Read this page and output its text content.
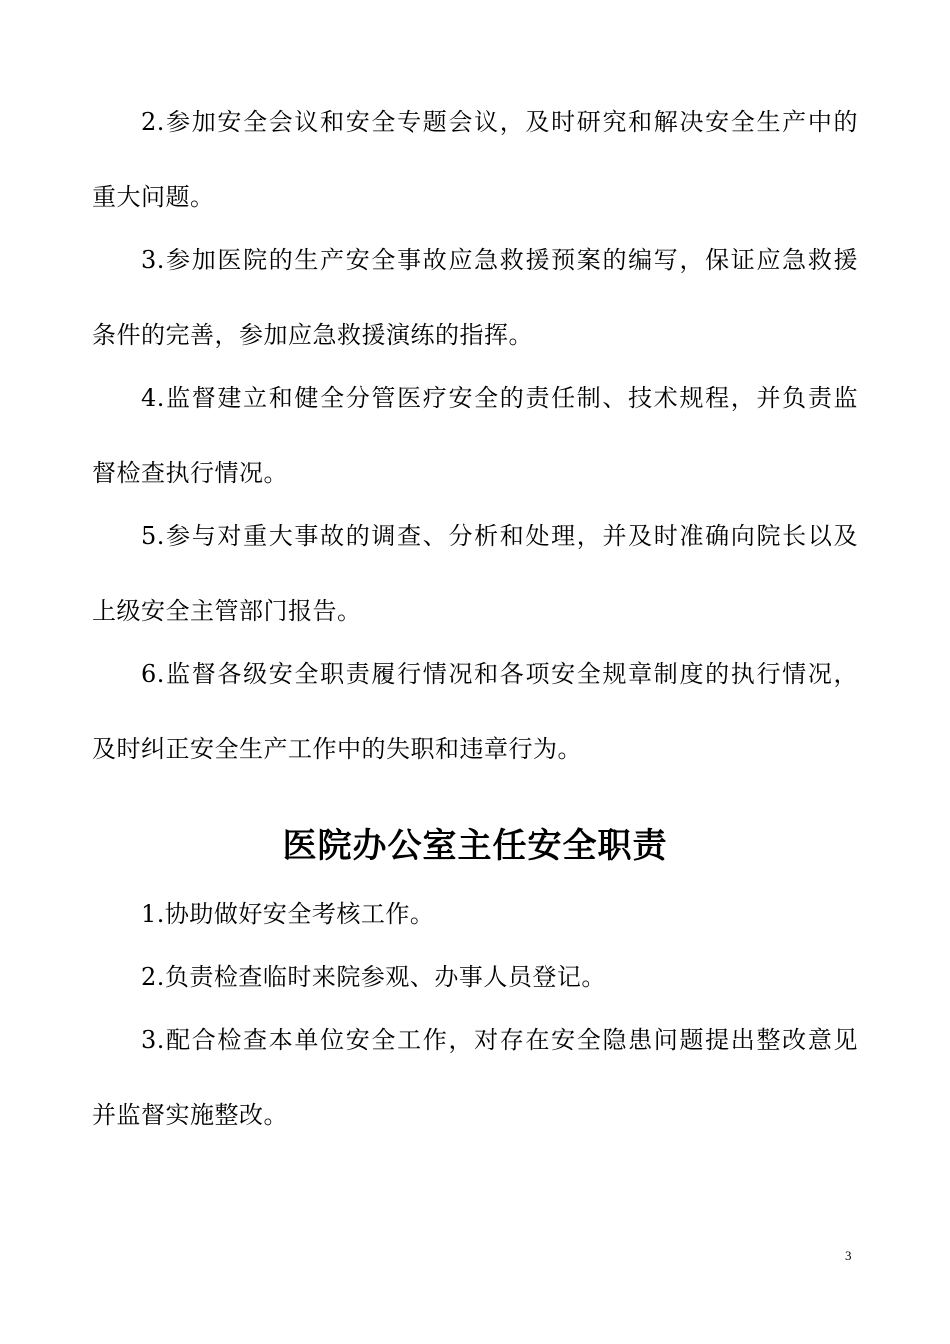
2.参加安全会议和安全专题会议，及时研究和解决安全生产中的
重大问题。
3.参加医院的生产安全事故应急救援预案的编写，保证应急救援
条件的完善，参加应急救援演练的指挥。
4.监督建立和健全分管医疗安全的责任制、技术规程，并负责监
督检查执行情况。
5.参与对重大事故的调查、分析和处理，并及时准确向院长以及
上级安全主管部门报告。
6.监督各级安全职责履行情况和各项安全规章制度的执行情况，
及时纠正安全生产工作中的失职和违章行为。
医院办公室主任安全职责
1.协助做好安全考核工作。
2.负责检查临时来院参观、办事人员登记。
3.配合检查本单位安全工作，对存在安全隐患问题提出整改意见
并监督实施整改。
3
